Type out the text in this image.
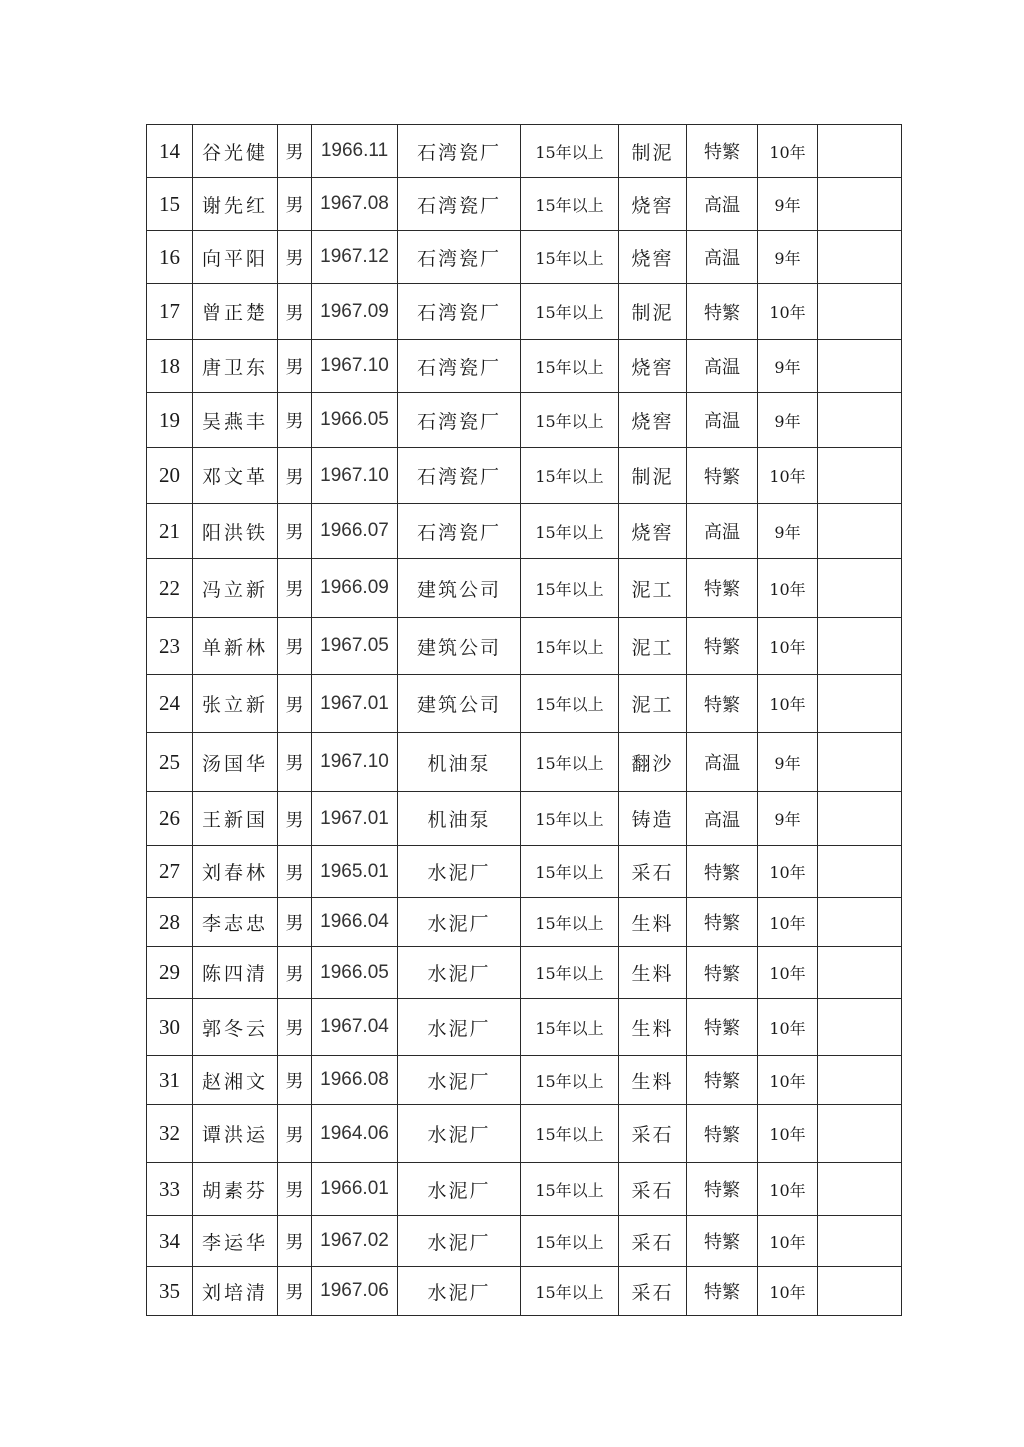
14	谷光健	男	1966.11	石湾瓷厂	15年以上	制泥	特繁	10年	
15	谢先红	男	1967.08	石湾瓷厂	15年以上	烧窖	高温	9年	
16	向平阳	男	1967.12	石湾瓷厂	15年以上	烧窖	高温	9年	
17	曾正楚	男	1967.09	石湾瓷厂	15年以上	制泥	特繁	10年	
18	唐卫东	男	1967.10	石湾瓷厂	15年以上	烧窖	高温	9年	
19	吴燕丰	男	1966.05	石湾瓷厂	15年以上	烧窖	高温	9年	
20	邓文革	男	1967.10	石湾瓷厂	15年以上	制泥	特繁	10年	
21	阳洪铁	男	1966.07	石湾瓷厂	15年以上	烧窖	高温	9年	
22	冯立新	男	1966.09	建筑公司	15年以上	泥工	特繁	10年	
23	单新林	男	1967.05	建筑公司	15年以上	泥工	特繁	10年	
24	张立新	男	1967.01	建筑公司	15年以上	泥工	特繁	10年	
25	汤国华	男	1967.10	机油泵	15年以上	翻沙	高温	9年	
26	王新国	男	1967.01	机油泵	15年以上	铸造	高温	9年	
27	刘春林	男	1965.01	水泥厂	15年以上	采石	特繁	10年	
28	李志忠	男	1966.04	水泥厂	15年以上	生料	特繁	10年	
29	陈四清	男	1966.05	水泥厂	15年以上	生料	特繁	10年	
30	郭冬云	男	1967.04	水泥厂	15年以上	生料	特繁	10年	
31	赵湘文	男	1966.08	水泥厂	15年以上	生料	特繁	10年	
32	谭洪运	男	1964.06	水泥厂	15年以上	采石	特繁	10年	
33	胡素芬	男	1966.01	水泥厂	15年以上	采石	特繁	10年	
34	李运华	男	1967.02	水泥厂	15年以上	采石	特繁	10年	
35	刘培清	男	1967.06	水泥厂	15年以上	采石	特繁	10年	
